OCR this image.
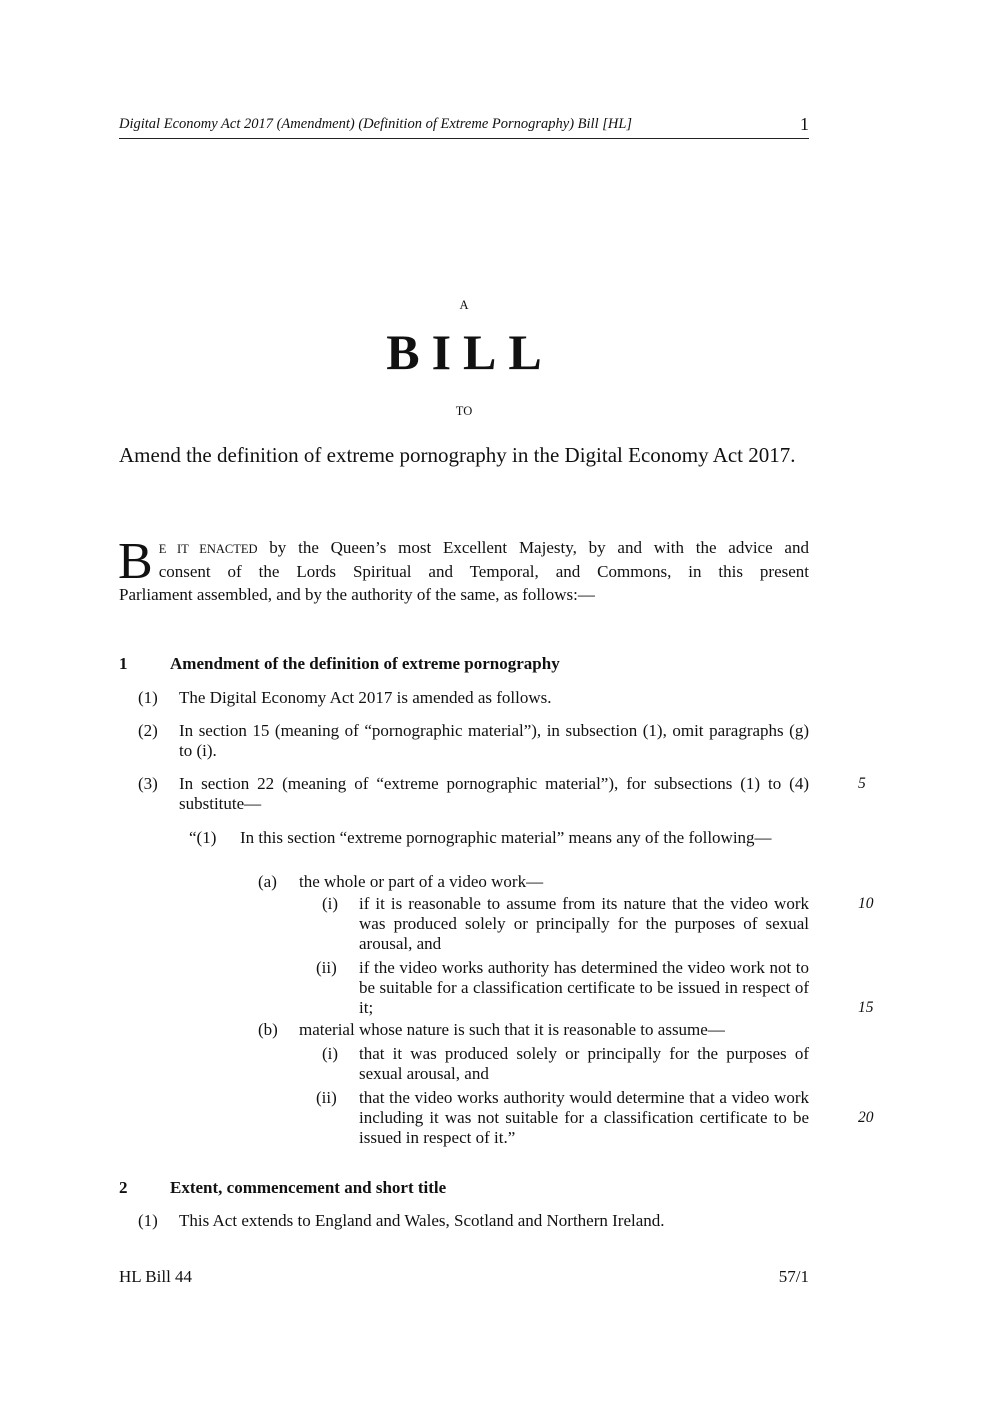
Digital Economy Act 2017 (Amendment) (Definition of Extreme Pornography) Bill [HL]	1
A
BILL
TO
Amend the definition of extreme pornography in the Digital Economy Act 2017.
B E IT ENACTED by the Queen’s most Excellent Majesty, by and with the advice and
consent of the Lords Spiritual and Temporal, and Commons, in this present
Parliament assembled, and by the authority of the same, as follows:—
1	Amendment of the definition of extreme pornography
(1) The Digital Economy Act 2017 is amended as follows.
(2) In section 15 (meaning of “pornographic material”), in subsection (1), omit paragraphs (g) to (i).
(3) In section 22 (meaning of “extreme pornographic material”), for subsections (1) to (4) substitute—
“(1) In this section “extreme pornographic material” means any of the following—
(a) the whole or part of a video work—
(i) if it is reasonable to assume from its nature that the video work was produced solely or principally for the purposes of sexual arousal, and
(ii) if the video works authority has determined the video work not to be suitable for a classification certificate to be issued in respect of it;
(b) material whose nature is such that it is reasonable to assume—
(i) that it was produced solely or principally for the purposes of sexual arousal, and
(ii) that the video works authority would determine that a video work including it was not suitable for a classification certificate to be issued in respect of it.”
5
10
15
20
2	Extent, commencement and short title
(1) This Act extends to England and Wales, Scotland and Northern Ireland.
HL Bill 44	57/1
